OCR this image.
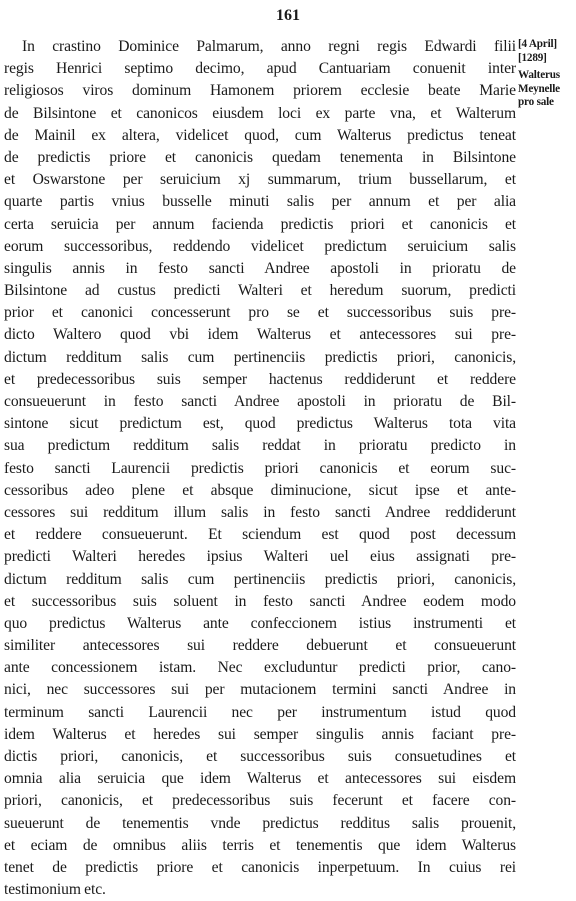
161
In crastino Dominice Palmarum, anno regni regis Edwardi filii
regis Henrici septimo decimo, apud Cantuariam conuenit inter
religiosos viros dominum Hamonem priorem ecclesie beate Marie
de Bilsintone et canonicos eiusdem loci ex parte vna, et Walterum
de Mainil ex altera, videlicet quod, cum Walterus predictus teneat
de predictis priore et canonicis quedam tenementa in Bilsintone
et Oswarstone per seruicium xj summarum, trium bussellarum, et
quarte partis vnius busselle minuti salis per annum et per alia
certa seruicia per annum facienda predictis priori et canonicis et
eorum successoribus, reddendo videlicet predictum seruicium salis
singulis annis in festo sancti Andree apostoli in prioratu de
Bilsintone ad custus predicti Walteri et heredum suorum, predicti
prior et canonici concesserunt pro se et successoribus suis pre-
dicto Waltero quod vbi idem Walterus et antecessores sui pre-
dictum redditum salis cum pertinenciis predictis priori, canonicis,
et predecessoribus suis semper hactenus reddiderunt et reddere
consueuerunt in festo sancti Andree apostoli in prioratu de Bil-
sintone sicut predictum est, quod predictus Walterus tota vita
sua predictum redditum salis reddat in prioratu predicto in
festo sancti Laurencii predictis priori canonicis et eorum suc-
cessoribus adeo plene et absque diminucione, sicut ipse et ante-
cessores sui redditum illum salis in festo sancti Andree reddiderunt
et reddere consueuerunt. Et sciendum est quod post decessum
predicti Walteri heredes ipsius Walteri uel eius assignati pre-
dictum redditum salis cum pertinenciis predictis priori, canonicis,
et successoribus suis soluent in festo sancti Andree eodem modo
quo predictus Walterus ante confeccionem istius instrumenti et
similiter antecessores sui reddere debuerunt et consueuerunt
ante concessionem istam. Nec excluduntur predicti prior, cano-
nici, nec successores sui per mutacionem termini sancti Andree in
terminum sancti Laurencii nec per instrumentum istud quod
idem Walterus et heredes sui semper singulis annis faciant pre-
dictis priori, canonicis, et successoribus suis consuetudines et
omnia alia seruicia que idem Walterus et antecessores sui eisdem
priori, canonicis, et predecessoribus suis fecerunt et facere con-
sueuerunt de tenementis vnde predictus redditus salis prouenit,
et eciam de omnibus aliis terris et tenementis que idem Walterus
tenet de predictis priore et canonicis inperpetuum. In cuius rei
testimonium etc.
[4 April]
[1289]
Walterus
Meynelle
pro sale
